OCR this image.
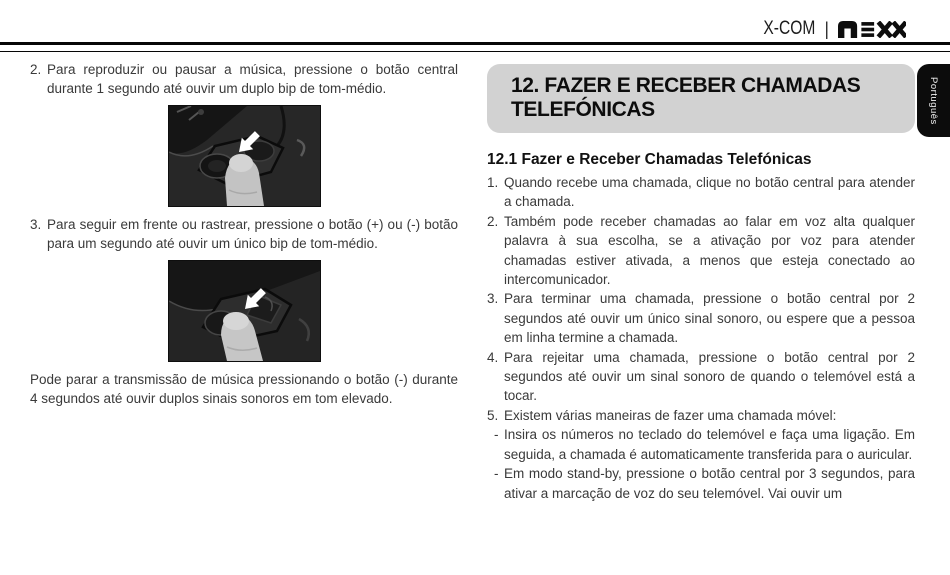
X-COM |
2. Para reproduzir ou pausar a música, pressione o botão central durante 1 segundo até ouvir um duplo bip de tom-médio.
3. Para seguir em frente ou rastrear, pressione o botão (+) ou (-) botão para um segundo até ouvir um único bip de tom-médio.

Pode parar a transmissão de música pressionando o botão (-) durante 4 segundos até ouvir duplos sinais sonoros em tom elevado.

12. FAZER E RECEBER CHAMADAS TELEFÓNICAS
12.1 Fazer e Receber Chamadas Telefónicas
1. Quando recebe uma chamada, clique no botão central para atender a chamada.
2. Também pode receber chamadas ao falar em voz alta qualquer palavra à sua escolha, se a ativação por voz para atender chamadas estiver ativada, a menos que esteja conectado ao intercomunicador.
3. Para terminar uma chamada, pressione o botão central por 2 segundos até ouvir um único sinal sonoro, ou espere que a pessoa em linha termine a chamada.
4. Para rejeitar uma chamada, pressione o botão central por 2 segundos até ouvir um sinal sonoro de quando o telemóvel está a tocar.
5. Existem várias maneiras de fazer uma chamada móvel:
- Insira os números no teclado do telemóvel e faça uma ligação. Em seguida, a chamada é automaticamente transferida para o auricular.
- Em modo stand-by, pressione o botão central por 3 segundos, para ativar a marcação de voz do seu telemóvel. Vai ouvir um
Português
